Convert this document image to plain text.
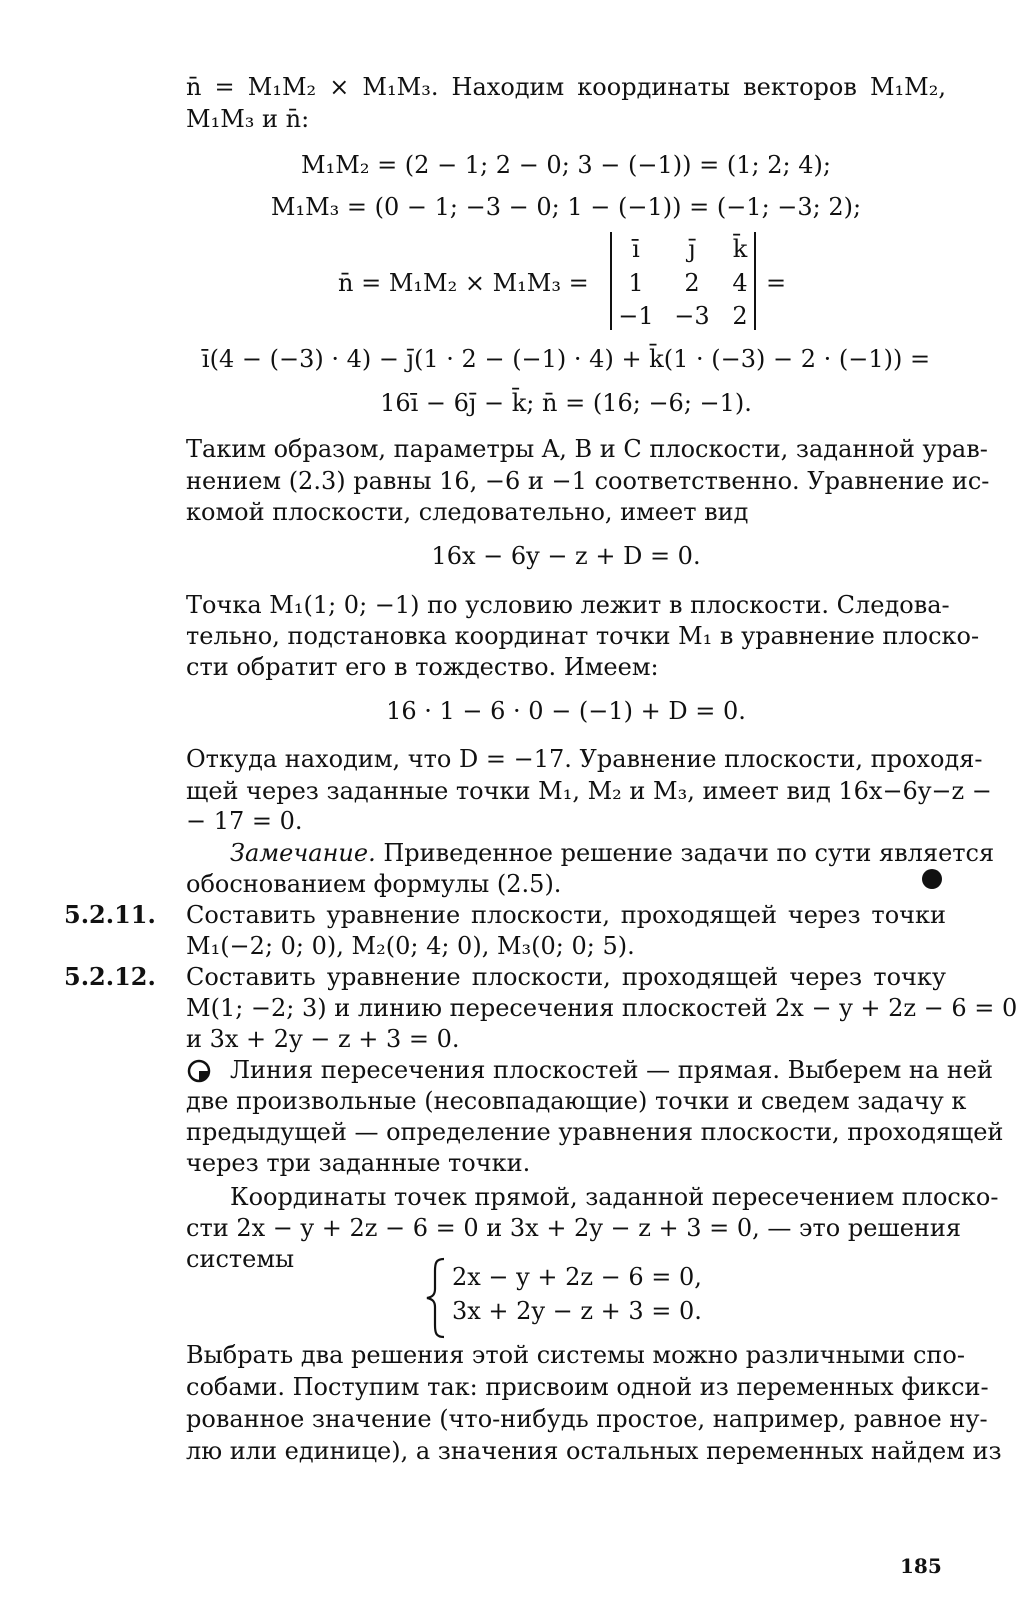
n̄ = M₁M₂ × M₁M₃. Находим координаты векторов M₁M₂,
M₁M₃ и n̄:
M₁M₂ = (2 − 1; 2 − 0; 3 − (−1)) = (1; 2; 4);
M₁M₃ = (0 − 1; −3 − 0; 1 − (−1)) = (−1; −3; 2);
n̄ = M₁M₂ × M₁M₃ =
ī	j̄	k̄
1	2	4
−1 −3 2
=
ī(4 − (−3) · 4) − j̄(1 · 2 − (−1) · 4) + k̄(1 · (−3) − 2 · (−1)) =
16ī − 6j̄ − k̄; n̄ = (16; −6; −1).
Таким образом, параметры A, B и C плоскости, заданной урав-
нением (2.3) равны 16, −6 и −1 соответственно. Уравнение ис-
комой плоскости, следовательно, имеет вид
16x − 6y − z + D = 0.
Точка M₁(1; 0; −1) по условию лежит в плоскости. Следова-
тельно, подстановка координат точки M₁ в уравнение плоско-
сти обратит его в тождество. Имеем:
16 · 1 − 6 · 0 − (−1) + D = 0.
Откуда находим, что D = −17. Уравнение плоскости, проходя-
щей через заданные точки M₁, M₂ и M₃, имеет вид 16x−6y−z −
− 17 = 0.
Замечание. Приведенное решение задачи по сути является
обоснованием формулы (2.5).
5.2.11. Составить уравнение плоскости, проходящей через точки
M₁(−2; 0; 0), M₂(0; 4; 0), M₃(0; 0; 5).
5.2.12. Составить уравнение плоскости, проходящей через точку
M(1; −2; 3) и линию пересечения плоскостей 2x − y + 2z − 6 = 0
и 3x + 2y − z + 3 = 0.
Линия пересечения плоскостей — прямая. Выберем на ней
две произвольные (несовпадающие) точки и сведем задачу к
предыдущей — определение уравнения плоскости, проходящей
через три заданные точки.
Координаты точек прямой, заданной пересечением плоско-
сти 2x − y + 2z − 6 = 0 и 3x + 2y − z + 3 = 0, — это решения
системы
2x − y + 2z − 6 = 0,
3x + 2y − z + 3 = 0.
Выбрать два решения этой системы можно различными спо-
собами. Поступим так: присвоим одной из переменных фикси-
рованное значение (что-нибудь простое, например, равное ну-
лю или единице), а значения остальных переменных найдем из
185
